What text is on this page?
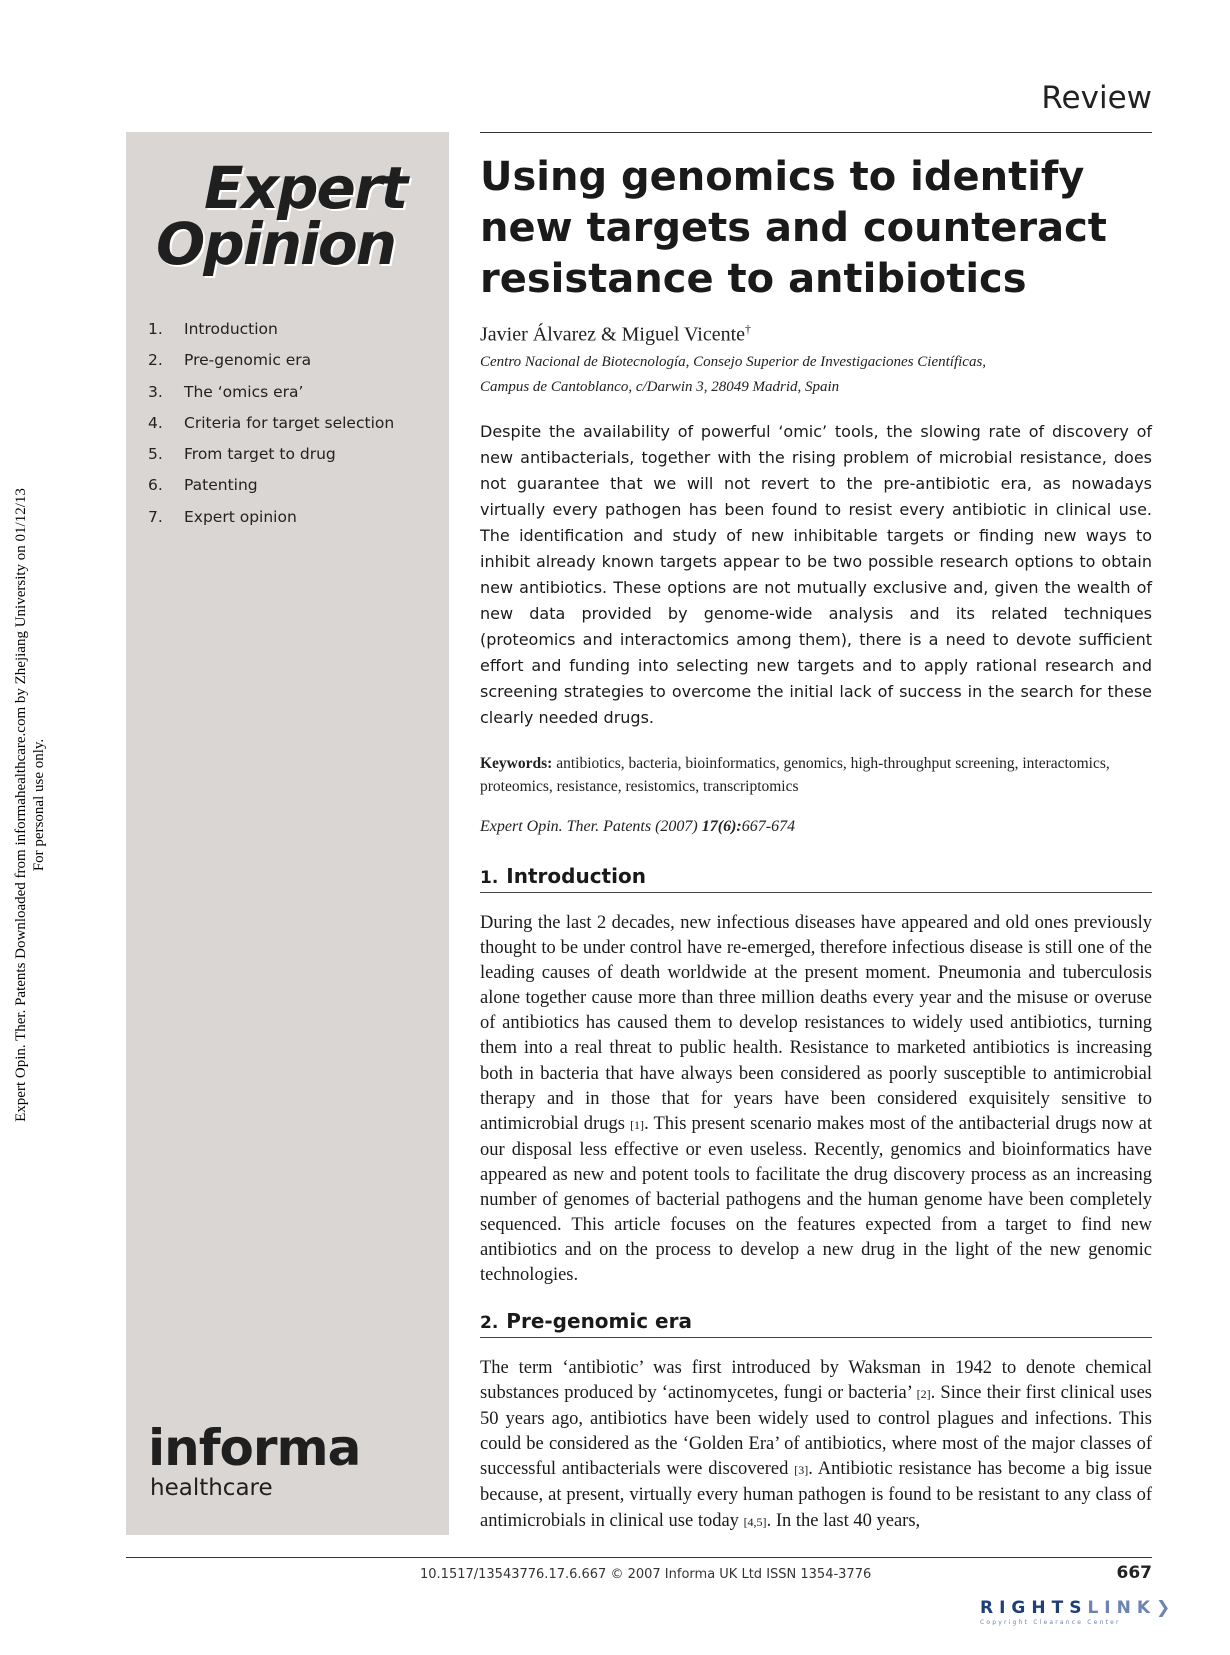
Expert Opin. Ther. Patents Downloaded from informahealthcare.com by Zhejiang University on 01/12/13 For personal use only.
Expert
Opinion
1.	Introduction
2.	Pre-genomic era
3.	The ‘omics era’
4.	Criteria for target selection
5.	From target to drug
6.	Patenting
7.	Expert opinion
informa
healthcare
Review
Using genomics to identify new targets and counteract resistance to antibiotics
Javier Álvarez & Miguel Vicente†
Centro Nacional de Biotecnología, Consejo Superior de Investigaciones Científicas,
Campus de Cantoblanco, c/Darwin 3, 28049 Madrid, Spain

Despite the availability of powerful ‘omic’ tools, the slowing rate of discovery of new antibacterials, together with the rising problem of microbial resistance, does not guarantee that we will not revert to the pre-antibiotic era, as nowadays virtually every pathogen has been found to resist every antibiotic in clinical use. The identification and study of new inhibitable targets or finding new ways to inhibit already known targets appear to be two possible research options to obtain new antibiotics. These options are not mutually exclusive and, given the wealth of new data provided by genome-wide analysis and its related techniques (proteomics and interactomics among them), there is a need to devote sufficient effort and funding into selecting new targets and to apply rational research and screening strategies to overcome the initial lack of success in the search for these clearly needed drugs.

Keywords: antibiotics, bacteria, bioinformatics, genomics, high-throughput screening, interactomics, proteomics, resistance, resistomics, transcriptomics
Expert Opin. Ther. Patents (2007) 17(6):667-674
1. Introduction

During the last 2 decades, new infectious diseases have appeared and old ones previously thought to be under control have re-emerged, therefore infectious disease is still one of the leading causes of death worldwide at the present moment. Pneumonia and tuberculosis alone together cause more than three million deaths every year and the misuse or overuse of antibiotics has caused them to develop resistances to widely used antibiotics, turning them into a real threat to public health. Resistance to marketed antibiotics is increasing both in bacteria that have always been considered as poorly susceptible to antimicrobial therapy and in those that for years have been considered exquisitely sensitive to antimicrobial drugs [1]. This present scenario makes most of the antibacterial drugs now at our disposal less effective or even useless. Recently, genomics and bioinformatics have appeared as new and potent tools to facilitate the drug discovery process as an increasing number of genomes of bacterial pathogens and the human genome have been completely sequenced. This article focuses on the features expected from a target to find new antibiotics and on the process to develop a new drug in the light of the new genomic technologies.

2. Pre-genomic era

The term ‘antibiotic’ was first introduced by Waksman in 1942 to denote chemical substances produced by ‘actinomycetes, fungi or bacteria’ [2]. Since their first clinical uses 50 years ago, antibiotics have been widely used to control plagues and infections. This could be considered as the ‘Golden Era’ of antibiotics, where most of the major classes of successful antibacterials were discovered [3]. Antibiotic resistance has become a big issue because, at present, virtually every human pathogen is found to be resistant to any class of antimicrobials in clinical use today [4,5]. In the last 40 years,

10.1517/13543776.17.6.667 © 2007 Informa UK Ltd ISSN 1354-3776	667
RIGHTSLINK❯
Copyright Clearance Center
